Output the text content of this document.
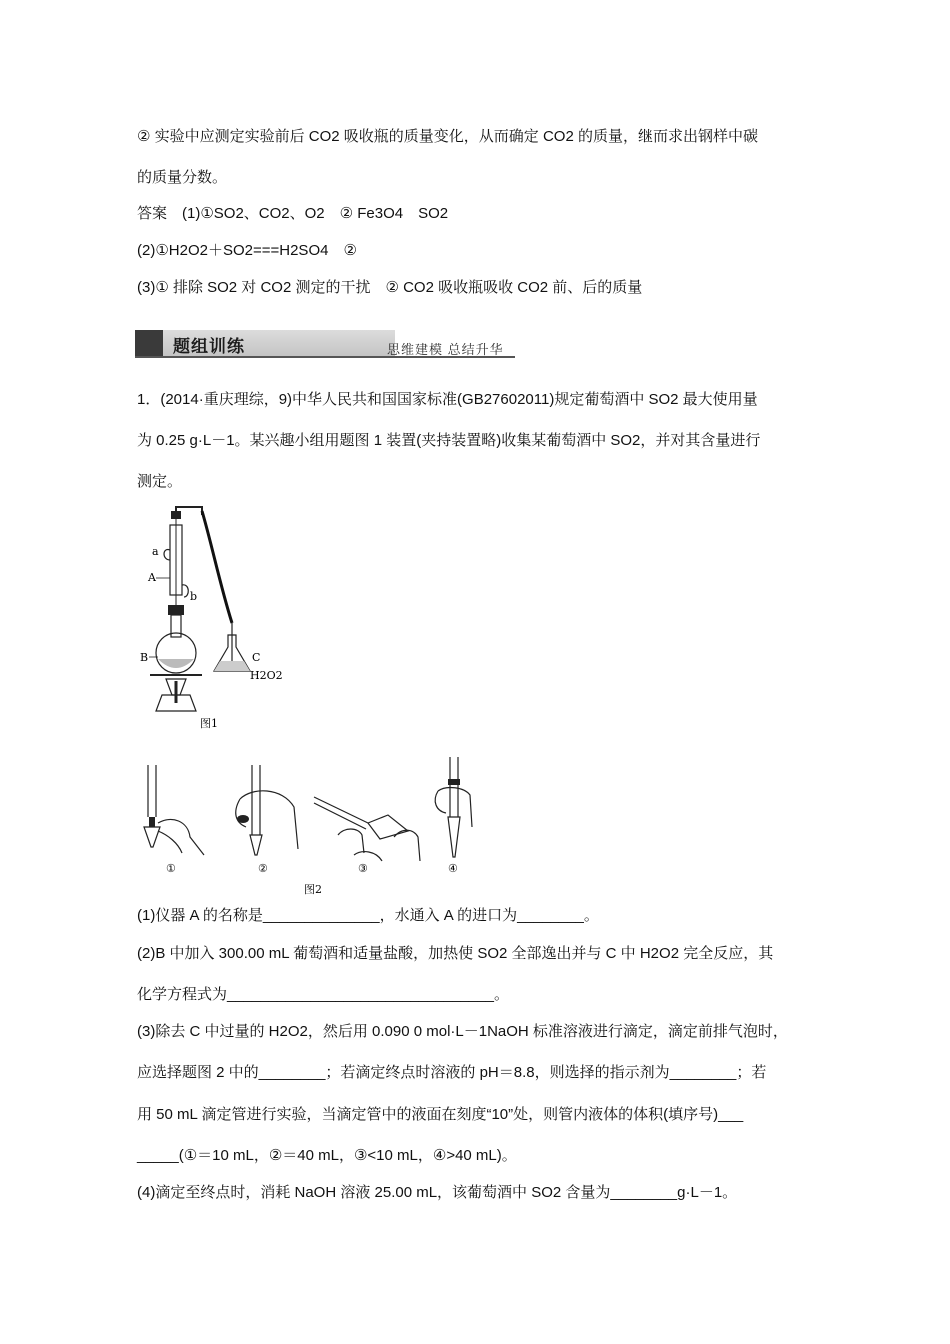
② 实验中应测定实验前后 CO2 吸收瓶的质量变化，从而确定 CO2 的质量，继而求出钢样中碳
的质量分数。
答案　(1)①SO2、CO2、O2　② Fe3O4　SO2
(2)①H2O2＋SO2===H2SO4　②
(3)① 排除 SO2 对 CO2 测定的干扰　② CO2 吸收瓶吸收 CO2 前、后的质量
题组训练	思维建模 总结升华
1．(2014·重庆理综，9)中华人民共和国国家标准(GB27602011)规定葡萄酒中 SO2 最大使用量
为 0.25 g·L－1。某兴趣小组用题图 1 装置(夹持装置略)收集某葡萄酒中 SO2，并对其含量进行
测定。
a
A
b
B	C
H2O2
图1
①	②	③	④
图2
(1)仪器 A 的名称是______________，水通入 A 的进口为________。
(2)B 中加入 300.00 mL 葡萄酒和适量盐酸，加热使 SO2 全部逸出并与 C 中 H2O2 完全反应，其
化学方程式为________________________________。
(3)除去 C 中过量的 H2O2，然后用 0.090 0 mol·L－1NaOH 标准溶液进行滴定，滴定前排气泡时，
应选择题图 2 中的________；若滴定终点时溶液的 pH＝8.8，则选择的指示剂为________；若
用 50 mL 滴定管进行实验，当滴定管中的液面在刻度“10”处，则管内液体的体积(填序号)___
_____(①＝10 mL，②＝40 mL，③<10 mL，④>40 mL)。
(4)滴定至终点时，消耗 NaOH 溶液 25.00 mL，该葡萄酒中 SO2 含量为________g·L－1。
